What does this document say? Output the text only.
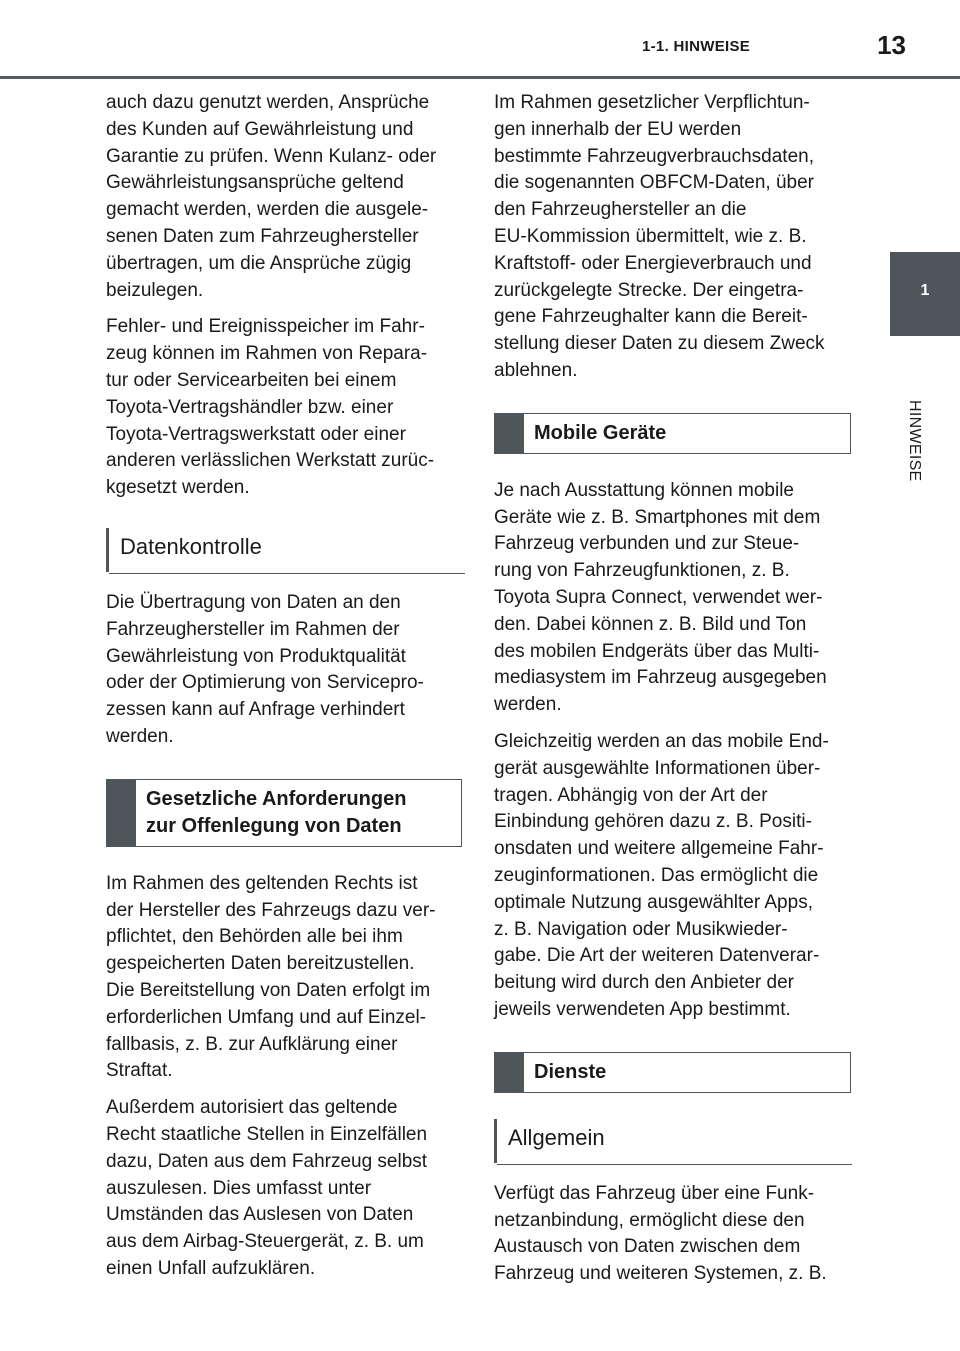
1-1. HINWEISE	13
1
HINWEISE

auch dazu genutzt werden, Ansprüche
des Kunden auf Gewährleistung und
Garantie zu prüfen. Wenn Kulanz- oder
Gewährleistungsansprüche geltend
gemacht werden, werden die ausgele-
senen Daten zum Fahrzeughersteller
übertragen, um die Ansprüche zügig
beizulegen.

Fehler- und Ereignisspeicher im Fahr-
zeug können im Rahmen von Repara-
tur oder Servicearbeiten bei einem
Toyota-Vertragshändler bzw. einer
Toyota-Vertragswerkstatt oder einer
anderen verlässlichen Werkstatt zurüc-
kgesetzt werden.

Datenkontrolle

Die Übertragung von Daten an den
Fahrzeughersteller im Rahmen der
Gewährleistung von Produktqualität
oder der Optimierung von Servicepro-
zessen kann auf Anfrage verhindert
werden.

Gesetzliche Anforderungen
zur Offenlegung von Daten

Im Rahmen des geltenden Rechts ist
der Hersteller des Fahrzeugs dazu ver-
pflichtet, den Behörden alle bei ihm
gespeicherten Daten bereitzustellen.
Die Bereitstellung von Daten erfolgt im
erforderlichen Umfang und auf Einzel-
fallbasis, z. B. zur Aufklärung einer
Straftat.

Außerdem autorisiert das geltende
Recht staatliche Stellen in Einzelfällen
dazu, Daten aus dem Fahrzeug selbst
auszulesen. Dies umfasst unter
Umständen das Auslesen von Daten
aus dem Airbag-Steuergerät, z. B. um
einen Unfall aufzuklären.

Im Rahmen gesetzlicher Verpflichtun-
gen innerhalb der EU werden
bestimmte Fahrzeugverbrauchsdaten,
die sogenannten OBFCM-Daten, über
den Fahrzeughersteller an die
EU-Kommission übermittelt, wie z. B.
Kraftstoff- oder Energieverbrauch und
zurückgelegte Strecke. Der eingetra-
gene Fahrzeughalter kann die Bereit-
stellung dieser Daten zu diesem Zweck
ablehnen.

Mobile Geräte

Je nach Ausstattung können mobile
Geräte wie z. B. Smartphones mit dem
Fahrzeug verbunden und zur Steue-
rung von Fahrzeugfunktionen, z. B.
Toyota Supra Connect, verwendet wer-
den. Dabei können z. B. Bild und Ton
des mobilen Endgeräts über das Multi-
mediasystem im Fahrzeug ausgegeben
werden.

Gleichzeitig werden an das mobile End-
gerät ausgewählte Informationen über-
tragen. Abhängig von der Art der
Einbindung gehören dazu z. B. Positi-
onsdaten und weitere allgemeine Fahr-
zeuginformationen. Das ermöglicht die
optimale Nutzung ausgewählter Apps,
z. B. Navigation oder Musikwieder-
gabe. Die Art der weiteren Datenverar-
beitung wird durch den Anbieter der
jeweils verwendeten App bestimmt.

Dienste
Allgemein

Verfügt das Fahrzeug über eine Funk-
netzanbindung, ermöglicht diese den
Austausch von Daten zwischen dem
Fahrzeug und weiteren Systemen, z. B.
